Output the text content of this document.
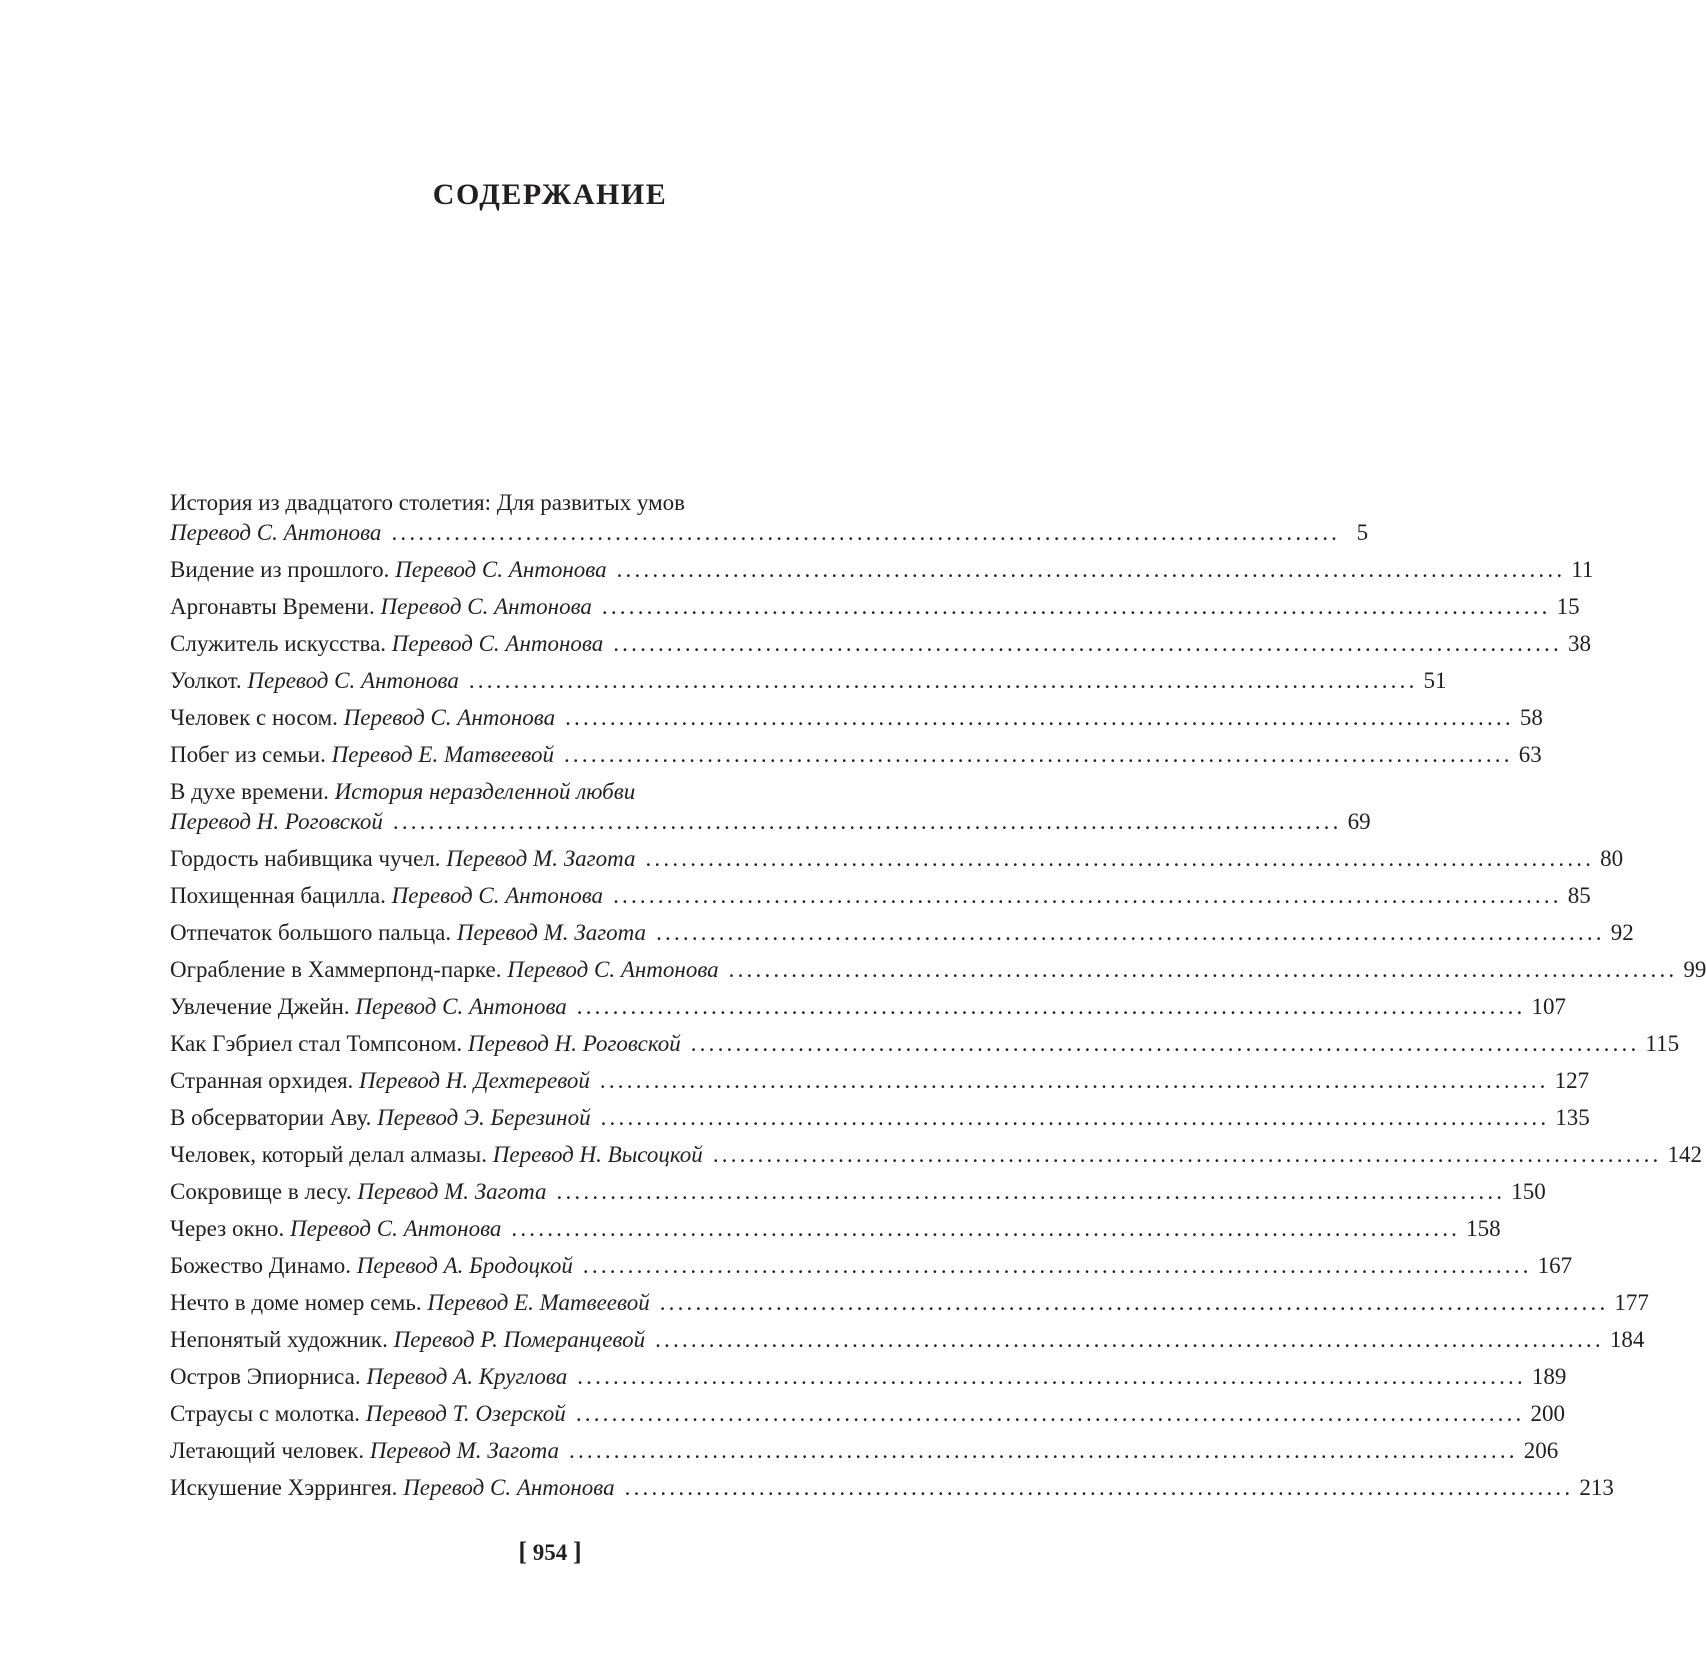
СОДЕРЖАНИЕ
История из двадцатого столетия: Для развитых умов
Перевод С. Антонова .......................................................................................................... 5
Видение из прошлого. Перевод С. Антонова .......................................................................................................... 11
Аргонавты Времени. Перевод С. Антонова .......................................................................................................... 15
Служитель искусства. Перевод С. Антонова .......................................................................................................... 38
Уолкот. Перевод С. Антонова .......................................................................................................... 51
Человек с носом. Перевод С. Антонова .......................................................................................................... 58
Побег из семьи. Перевод Е. Матвеевой .......................................................................................................... 63
В духе времени. История неразделенной любви
Перевод Н. Роговской .......................................................................................................... 69
Гордость набивщика чучел. Перевод М. Загота .......................................................................................................... 80
Похищенная бацилла. Перевод С. Антонова .......................................................................................................... 85
Отпечаток большого пальца. Перевод М. Загота .......................................................................................................... 92
Ограбление в Хаммерпонд-парке. Перевод С. Антонова .......................................................................................................... 99
Увлечение Джейн. Перевод С. Антонова .......................................................................................................... 107
Как Гэбриел стал Томпсоном. Перевод Н. Роговской .......................................................................................................... 115
Странная орхидея. Перевод Н. Дехтеревой .......................................................................................................... 127
В обсерватории Аву. Перевод Э. Березиной .......................................................................................................... 135
Человек, который делал алмазы. Перевод Н. Высоцкой .......................................................................................................... 142
Сокровище в лесу. Перевод М. Загота .......................................................................................................... 150
Через окно. Перевод С. Антонова .......................................................................................................... 158
Божество Динамо. Перевод А. Бродоцкой .......................................................................................................... 167
Нечто в доме номер семь. Перевод Е. Матвеевой .......................................................................................................... 177
Непонятый художник. Перевод Р. Померанцевой .......................................................................................................... 184
Остров Эпиорниса. Перевод А. Круглова .......................................................................................................... 189
Страусы с молотка. Перевод Т. Озерской .......................................................................................................... 200
Летающий человек. Перевод М. Загота .......................................................................................................... 206
Искушение Хэррингея. Перевод С. Антонова .......................................................................................................... 213
[ 954 ]
